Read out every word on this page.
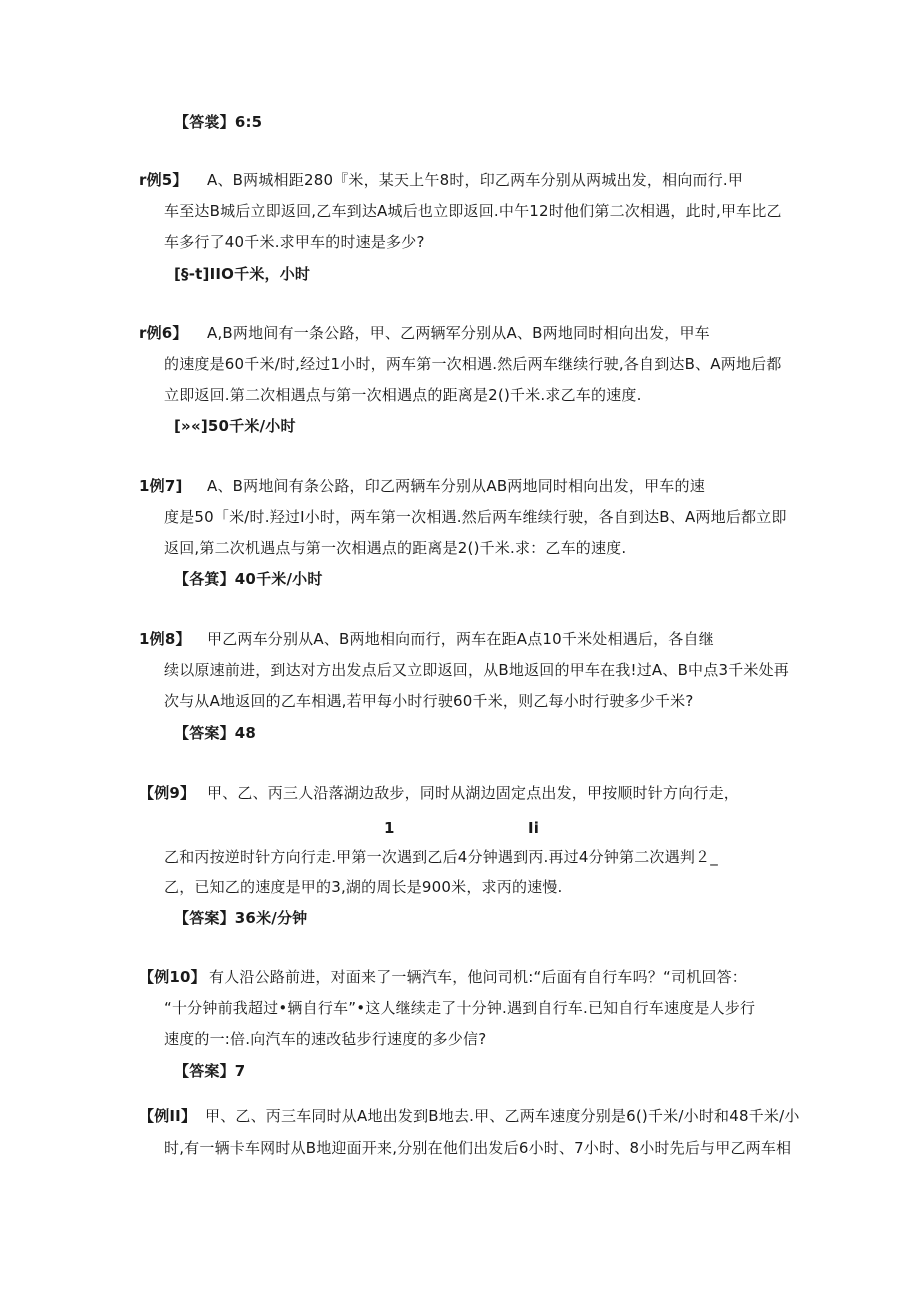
【答裳】6:5
r例5】 A、B两城相距280『米，某天上午8时，印乙两车分别从两城出发，相向而行.甲
车至达B城后立即返回,乙车到达A城后也立即返回.中午12时他们第二次相遇，此时,甲车比乙
车多行了40千米.求甲车的时速是多少?
[§-t]IIO千米，小时
r例6】 A,B两地间有一条公路，甲、乙两辆军分别从A、B两地同时相向出发，甲车
的速度是60千米/时,经过1小时，两车第一次相遇.然后两车继续行驶,各自到达B、A两地后都
立即返回.第二次相遇点与第一次相遇点的距离是2()千米.求乙车的速度.
[»«]50千米/小时
1例7] A、B两地间有条公路，印乙两辆车分别从AB两地同时相向出发，甲车的速
度是50「米/时.羟过I小时，两车第一次相遇.然后两车维续行驶，各自到达B、A两地后都立即
返回,第二次机遇点与第一次相遇点的距离是2()千米.求：乙车的速度.
【各箕】40千米/小时
1例8】 甲乙两车分别从A、B两地相向而行，两车在距A点10千米处相遇后，各自继
续以原速前进，到达对方出发点后又立即返回，从B地返回的甲车在我!过A、B中点3千米处再
次与从A地返回的乙车相遇,若甲每小时行驶60千米，则乙每小时行驶多少千米?
【答案】48
【例9】 甲、乙、丙三人沿落湖边敌步，同时从湖边固定点出发，甲按顺时针方向行走，
1	Ii
乙和丙按逆时针方向行走.甲第一次遇到乙后4分钟遇到丙.再过4分钟第二次遇判２_
乙，已知乙的速度是甲的3,湖的周长是900米，求丙的速慢.
【答案】36米/分钟
【例10】 有人沿公路前进，对面来了一辆汽车，他问司机:“后面有自行车吗？“司机回答：
“十分钟前我超过•辆自行车”•这人继续走了十分钟.遇到自行车.已知自行车速度是人步行
速度的一:倍.向汽车的速改毡步行速度的多少信?
【答案】7
【例II】 甲、乙、丙三车同时从A地出发到B地去.甲、乙两车速度分别是6()千米/小时和48千米/小
时,有一辆卡车网时从B地迎面开来,分别在他们出发后6小时、7小时、8小时先后与甲乙两车相
